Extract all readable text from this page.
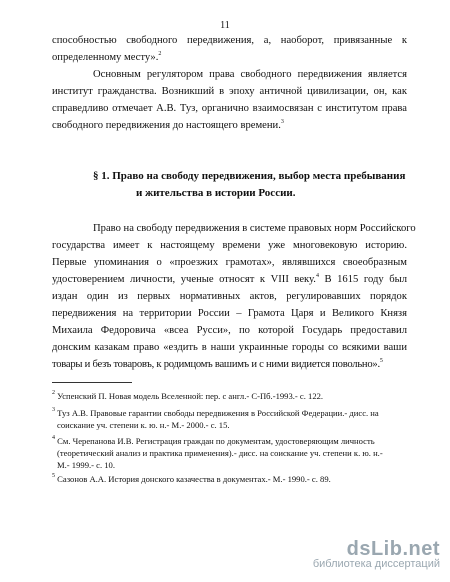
11
способностью свободного передвижения, а, наоборот, привязанные к
определенному месту».$^2$
Основным регулятором права свободного передвижения является
институт гражданства. Возникший в эпоху античной цивилизации, он, как
справедливо отмечает А.В. Туз, органично взаимосвязан с институтом права
свободного передвижения до настоящего времени.$^3$
§ 1. Право на свободу передвижения, выбор места пребывания
и жительства в истории России.
Право на свободу передвижения в системе правовых норм Российского
государства имеет к настоящему времени уже многовековую историю.
Первые упоминания о «проезжих грамотах», являвшихся своеобразным
удостоверением личности, ученые относят к VIII веку.$^4$ В 1615 году был
издан один из первых нормативных актов, регулировавших порядок
передвижения на территории России – Грамота Царя и Великого Князя
Михаила Федоровича «всеа Русси», по которой Государь предоставил
донским казакам право «ездить в наши украинные городы со всякими ваши
товары и безъ товаровъ, к родимцомъ вашимъ и с ними видиется повольно».$^5$
$^2$ Успенский П. Новая модель Вселенной: пер. с англ.- С-Пб.-1993.- с. 122.
$^3$ Туз А.В. Правовые гарантии свободы передвижения в Российской Федерации.- дисс. на
соискание уч. степени к. ю. н.- М.- 2000.- с. 15.
$^4$ См. Черепанова И.В. Регистрация граждан по документам, удостоверяющим личность
(теоретический анализ и практика применения).- дисс. на соискание уч. степени к. ю. н.-
М.- 1999.- с. 10.
$^5$ Сазонов А.А. История донского казачества в документах.- М.- 1990.- с. 89.
dsLib.net
библиотека диссертаций
